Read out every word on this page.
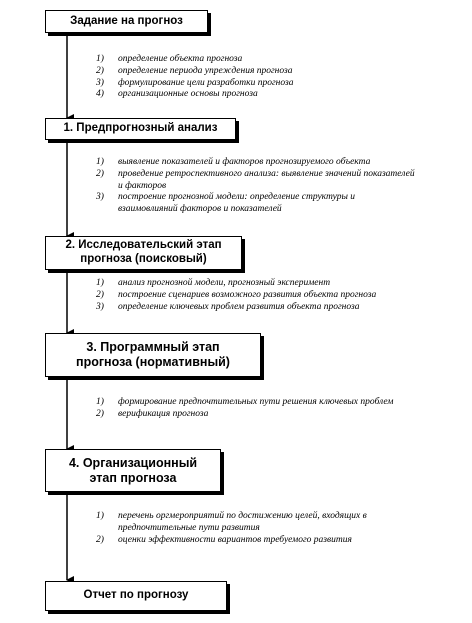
Задание на прогноз
1) определение объекта прогноза
2) определение периода упреждения прогноза
3) формулирование цели разработки прогноза
4) организационные основы прогноза
1. Предпрогнозный анализ
1) выявление показателей и факторов прогнозируемого объекта
2) проведение ретроспективного анализа: выявление значений показателей и факторов
3) построение прогнозной модели: определение структуры и взаимовлияний факторов и показателей
2. Исследовательский этап прогноза (поисковый)
1) анализ прогнозной модели, прогнозный эксперимент
2) построение сценариев возможного развития объекта прогноза
3) определение ключевых проблем развития объекта прогноза
3. Программный этап прогноза (нормативный)
1) формирование предпочтительных пути решения ключевых проблем
2) верификация прогноза
4. Организационный этап прогноза
1) перечень оргмероприятий по достижению целей, входящих в предпочтительные пути развития
2) оценки эффективности вариантов требуемого развития
Отчет по прогнозу
